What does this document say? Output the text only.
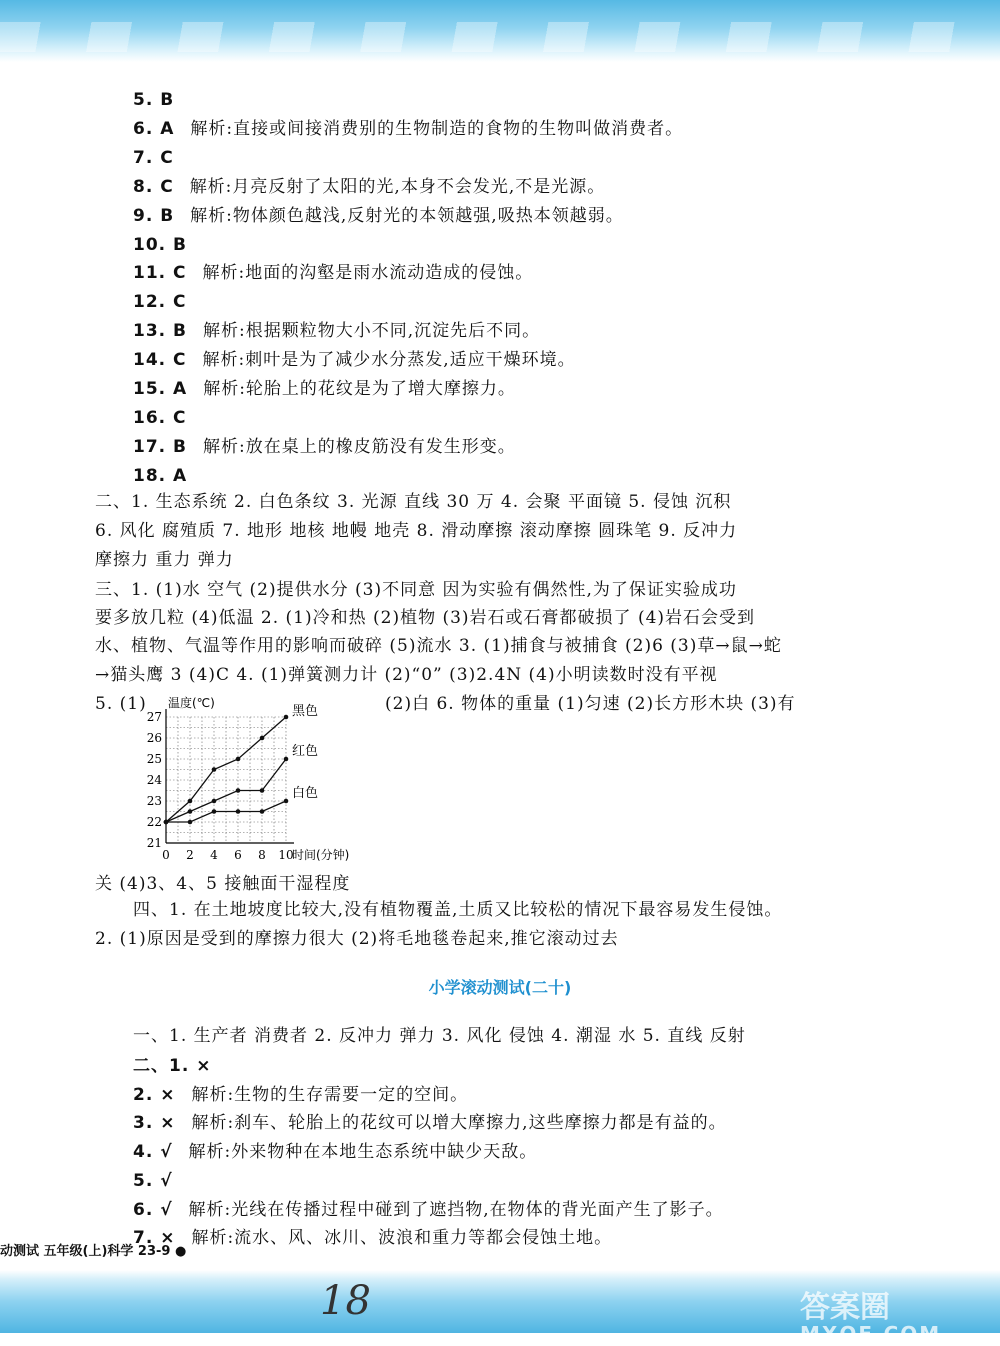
5. B
6. A 解析:直接或间接消费别的生物制造的食物的生物叫做消费者。
7. C
8. C 解析:月亮反射了太阳的光,本身不会发光,不是光源。
9. B 解析:物体颜色越浅,反射光的本领越强,吸热本领越弱。
10. B
11. C 解析:地面的沟壑是雨水流动造成的侵蚀。
12. C
13. B 解析:根据颗粒物大小不同,沉淀先后不同。
14. C 解析:刺叶是为了减少水分蒸发,适应干燥环境。
15. A 解析:轮胎上的花纹是为了增大摩擦力。
16. C
17. B 解析:放在桌上的橡皮筋没有发生形变。
18. A
二、1. 生态系统 2. 白色条纹 3. 光源 直线 30 万 4. 会聚 平面镜 5. 侵蚀 沉积
6. 风化 腐殖质 7. 地形 地核 地幔 地壳 8. 滑动摩擦 滚动摩擦 圆珠笔 9. 反冲力
摩擦力 重力 弹力
三、1. (1)水 空气 (2)提供水分 (3)不同意 因为实验有偶然性,为了保证实验成功
要多放几粒 (4)低温 2. (1)冷和热 (2)植物 (3)岩石或石膏都破损了 (4)岩石会受到
水、植物、气温等作用的影响而破碎 (5)流水 3. (1)捕食与被捕食 (2)6 (3)草→鼠→蛇
→猫头鹰 3 (4)C 4. (1)弹簧测力计 (2)“0” (3)2.4N (4)小明读数时没有平视
5. (1)	(2)白 6. 物体的重量 (1)匀速 (2)长方形木块 (3)有
21
22
23
24
25
26
27
0 2 4 6 8 10
温度(℃)
时间(分钟)
黑色
红色
白色
关 (4)3、4、5 接触面干湿程度
四、1. 在土地坡度比较大,没有植物覆盖,土质又比较松的情况下最容易发生侵蚀。
2. (1)原因是受到的摩擦力很大 (2)将毛地毯卷起来,推它滚动过去
小学滚动测试(二十)
一、1. 生产者 消费者 2. 反冲力 弹力 3. 风化 侵蚀 4. 潮湿 水 5. 直线 反射
二、1. ×
2. × 解析:生物的生存需要一定的空间。
3. × 解析:刹车、轮胎上的花纹可以增大摩擦力,这些摩擦力都是有益的。
4. √ 解析:外来物种在本地生态系统中缺少天敌。
5. √
6. √ 解析:光线在传播过程中碰到了遮挡物,在物体的背光面产生了影子。
7. × 解析:流水、风、冰川、波浪和重力等都会侵蚀土地。
动测试 五年级(上)科学 23-9 ●
18	答案圈
MXQE.COM
